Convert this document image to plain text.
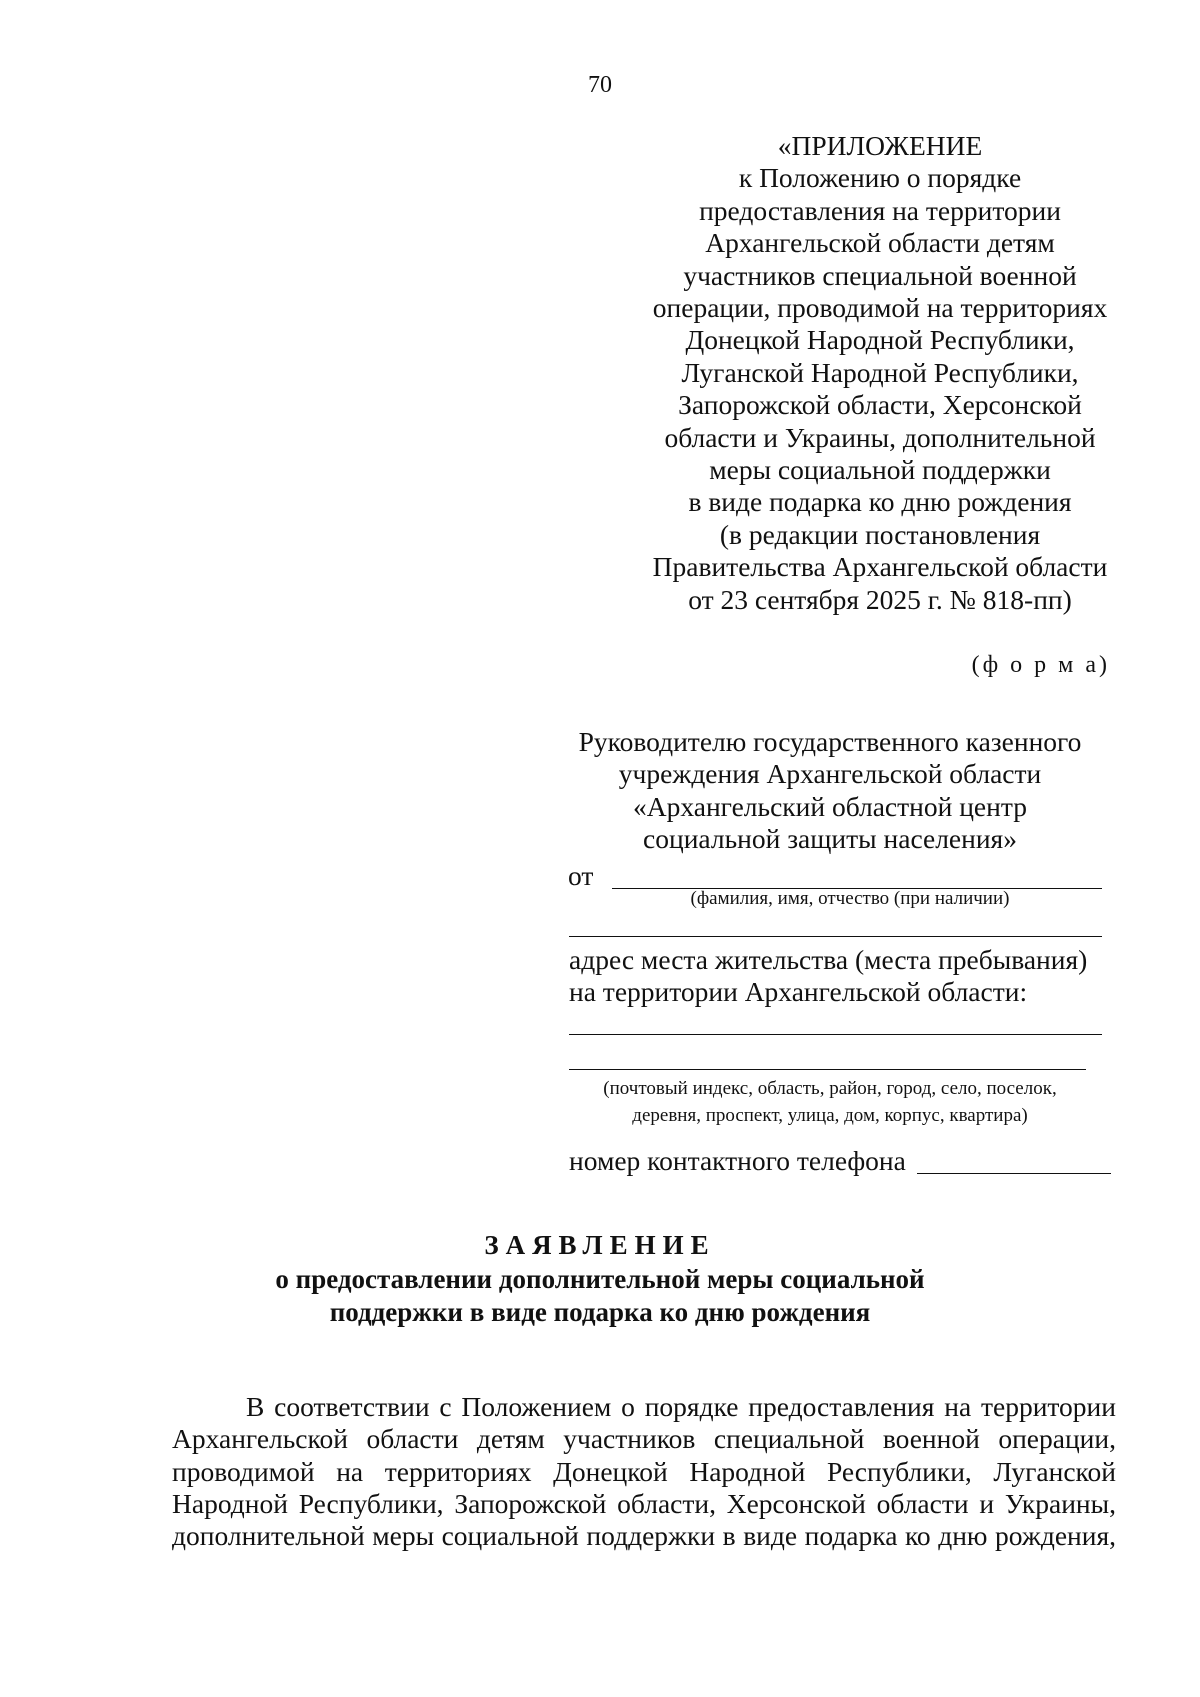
70
«ПРИЛОЖЕНИЕ
к Положению о порядке
предоставления на территории
Архангельской области детям
участников специальной военной
операции, проводимой на территориях
Донецкой Народной Республики,
Луганской Народной Республики,
Запорожской области, Херсонской
области и Украины, дополнительной
меры социальной поддержки
в виде подарка ко дню рождения
(в редакции постановления
Правительства Архангельской области
от 23 сентября 2025 г. № 818-пп)
(ф о р м а)
Руководителю государственного казенного
учреждения Архангельской области
«Архангельский областной центр
социальной защиты населения»
от
(фамилия, имя, отчество (при наличии)
адрес места жительства (места пребывания)
на территории Архангельской области:
(почтовый индекс, область, район, город, село, поселок,
деревня, проспект, улица, дом, корпус, квартира)
номер контактного телефона
ЗАЯВЛЕНИЕ
о предоставлении дополнительной меры социальной
поддержки в виде подарка ко дню рождения
В соответствии с Положением о порядке предоставления на территории
Архангельской области детям участников специальной военной операции,
проводимой на территориях Донецкой Народной Республики, Луганской
Народной Республики, Запорожской области, Херсонской области и Украины,
дополнительной меры социальной поддержки в виде подарка ко дню рождения,
